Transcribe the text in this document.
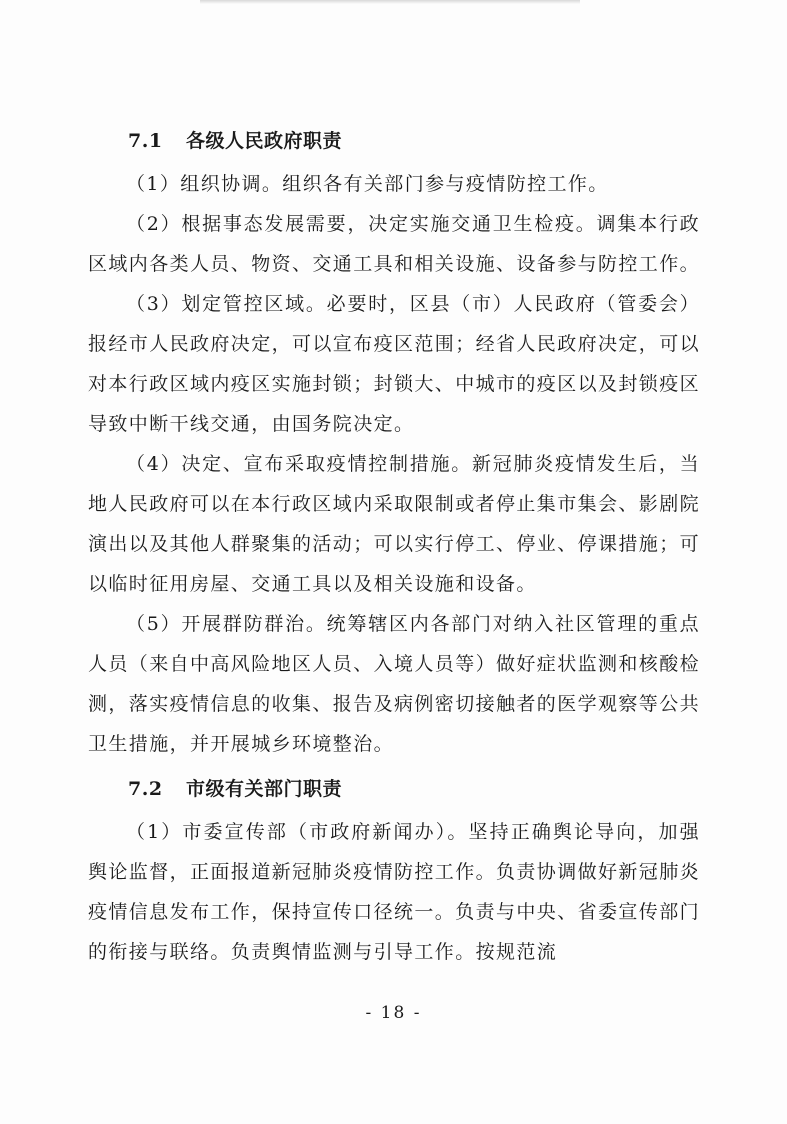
7.1 各级人民政府职责

（1）组织协调。组织各有关部门参与疫情防控工作。

（2）根据事态发展需要，决定实施交通卫生检疫。调集本行政区域内各类人员、物资、交通工具和相关设施、设备参与防控工作。

（3）划定管控区域。必要时，区县（市）人民政府（管委会）报经市人民政府决定，可以宣布疫区范围；经省人民政府决定，可以对本行政区域内疫区实施封锁；封锁大、中城市的疫区以及封锁疫区导致中断干线交通，由国务院决定。

（4）决定、宣布采取疫情控制措施。新冠肺炎疫情发生后，当地人民政府可以在本行政区域内采取限制或者停止集市集会、影剧院演出以及其他人群聚集的活动；可以实行停工、停业、停课措施；可以临时征用房屋、交通工具以及相关设施和设备。

（5）开展群防群治。统筹辖区内各部门对纳入社区管理的重点人员（来自中高风险地区人员、入境人员等）做好症状监测和核酸检测，落实疫情信息的收集、报告及病例密切接触者的医学观察等公共卫生措施，并开展城乡环境整治。

7.2 市级有关部门职责

（1）市委宣传部（市政府新闻办）。坚持正确舆论导向，加强舆论监督，正面报道新冠肺炎疫情防控工作。负责协调做好新冠肺炎疫情信息发布工作，保持宣传口径统一。负责与中央、省委宣传部门的衔接与联络。负责舆情监测与引导工作。按规范流

- 18 -
